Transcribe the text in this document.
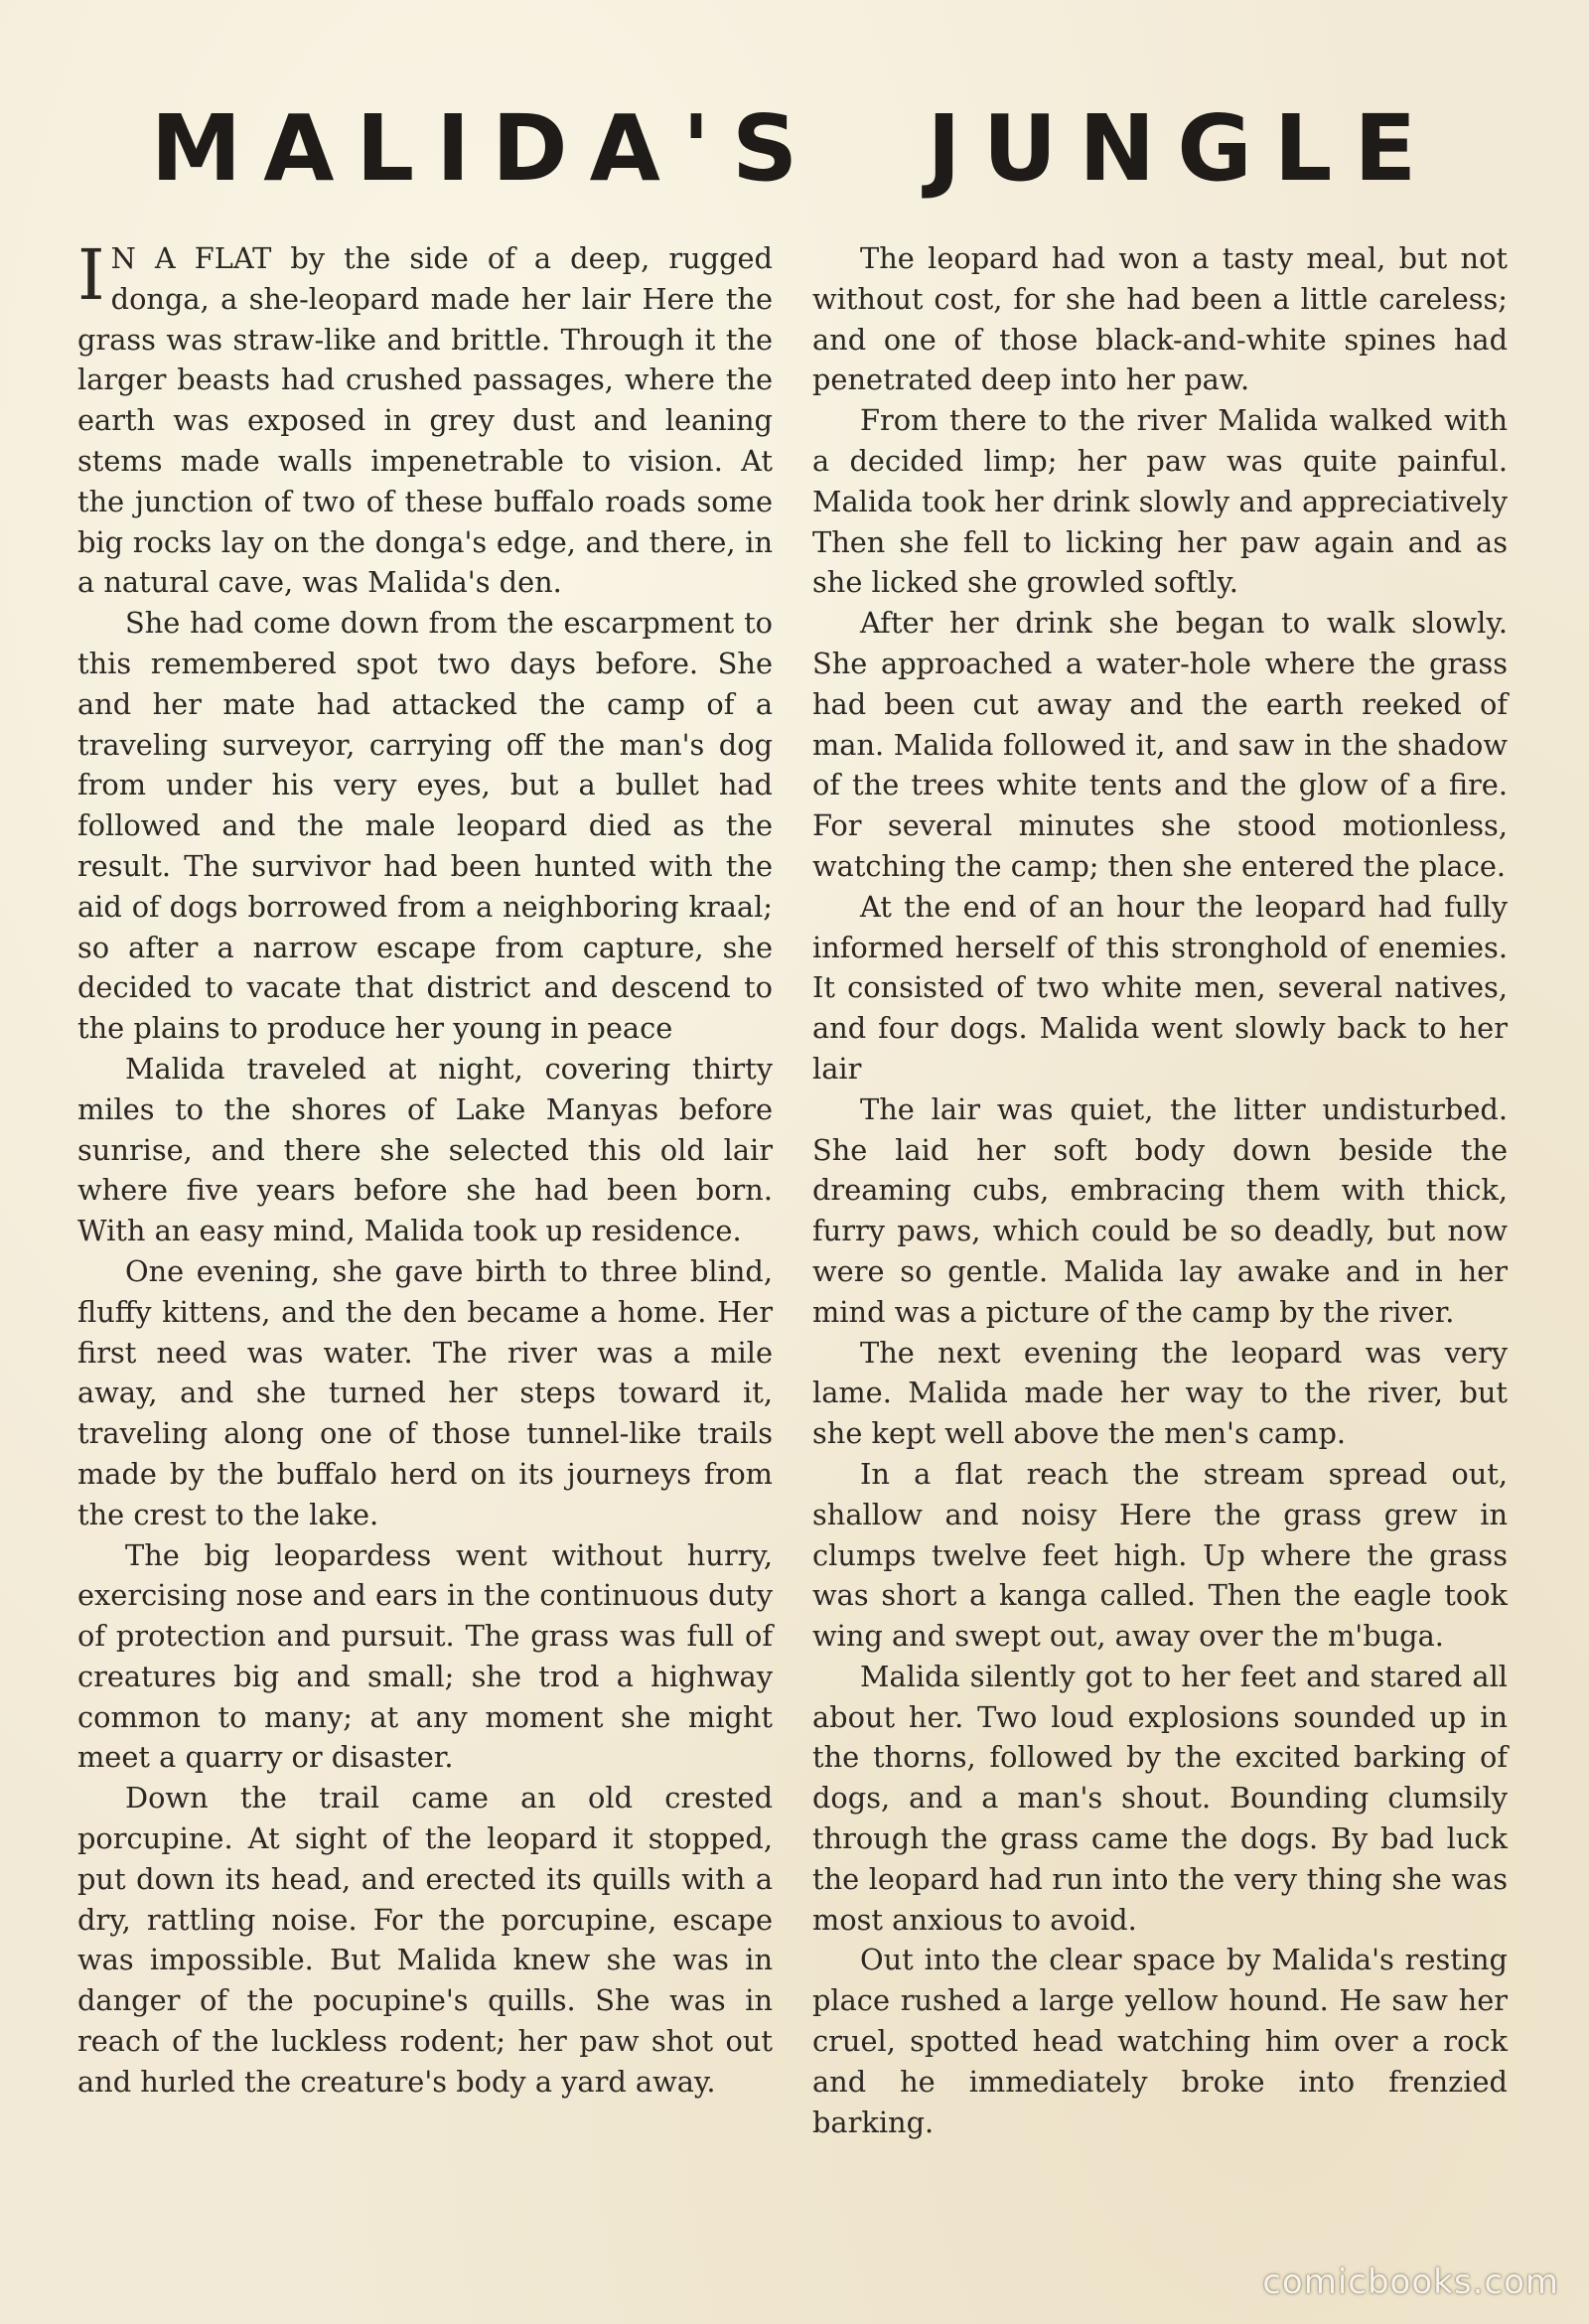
MALIDA'S  JUNGLE

I N A FLAT by the side of a deep, rugged donga, a she-leopard made her lair Here the grass was straw-like and brittle. Through it the larger beasts had crushed passages, where the earth was exposed in grey dust and leaning stems made walls impenetrable to vision. At the junction of two of these buffalo roads some big rocks lay on the donga's edge, and there, in a natural cave, was Malida's den.

She had come down from the escarpment to this remembered spot two days before. She and her mate had attacked the camp of a traveling surveyor, carrying off the man's dog from under his very eyes, but a bullet had followed and the male leopard died as the result. The survivor had been hunted with the aid of dogs borrowed from a neighboring kraal; so after a narrow escape from capture, she decided to vacate that district and descend to the plains to produce her young in peace

Malida traveled at night, covering thirty miles to the shores of Lake Manyas before sunrise, and there she selected this old lair where five years before she had been born. With an easy mind, Malida took up residence.

One evening, she gave birth to three blind, fluffy kittens, and the den became a home. Her first need was water. The river was a mile away, and she turned her steps toward it, traveling along one of those tunnel-like trails made by the buffalo herd on its journeys from the crest to the lake.

The big leopardess went without hurry, exercising nose and ears in the continuous duty of protection and pursuit. The grass was full of creatures big and small; she trod a highway common to many; at any moment she might meet a quarry or disaster.

Down the trail came an old crested porcupine. At sight of the leopard it stopped, put down its head, and erected its quills with a dry, rattling noise. For the porcupine, escape was impossible. But Malida knew she was in danger of the pocupine's quills. She was in reach of the luckless rodent; her paw shot out and hurled the creature's body a yard away.

The leopard had won a tasty meal, but not without cost, for she had been a little careless; and one of those black-and-white spines had penetrated deep into her paw.

From there to the river Malida walked with a decided limp; her paw was quite painful. Malida took her drink slowly and appreciatively Then she fell to licking her paw again and as she licked she growled softly.

After her drink she began to walk slowly. She approached a water-hole where the grass had been cut away and the earth reeked of man. Malida followed it, and saw in the shadow of the trees white tents and the glow of a fire. For several minutes she stood motionless, watching the camp; then she entered the place.

At the end of an hour the leopard had fully informed herself of this stronghold of enemies. It consisted of two white men, several natives, and four dogs. Malida went slowly back to her lair

The lair was quiet, the litter undisturbed. She laid her soft body down beside the dreaming cubs, embracing them with thick, furry paws, which could be so deadly, but now were so gentle. Malida lay awake and in her mind was a picture of the camp by the river.

The next evening the leopard was very lame. Malida made her way to the river, but she kept well above the men's camp.

In a flat reach the stream spread out, shallow and noisy Here the grass grew in clumps twelve feet high. Up where the grass was short a kanga called. Then the eagle took wing and swept out, away over the m'buga.

Malida silently got to her feet and stared all about her. Two loud explosions sounded up in the thorns, followed by the excited barking of dogs, and a man's shout. Bounding clumsily through the grass came the dogs. By bad luck the leopard had run into the very thing she was most anxious to avoid.

Out into the clear space by Malida's resting place rushed a large yellow hound. He saw her cruel, spotted head watching him over a rock and he immediately broke into frenzied barking.

comicbooks.com
